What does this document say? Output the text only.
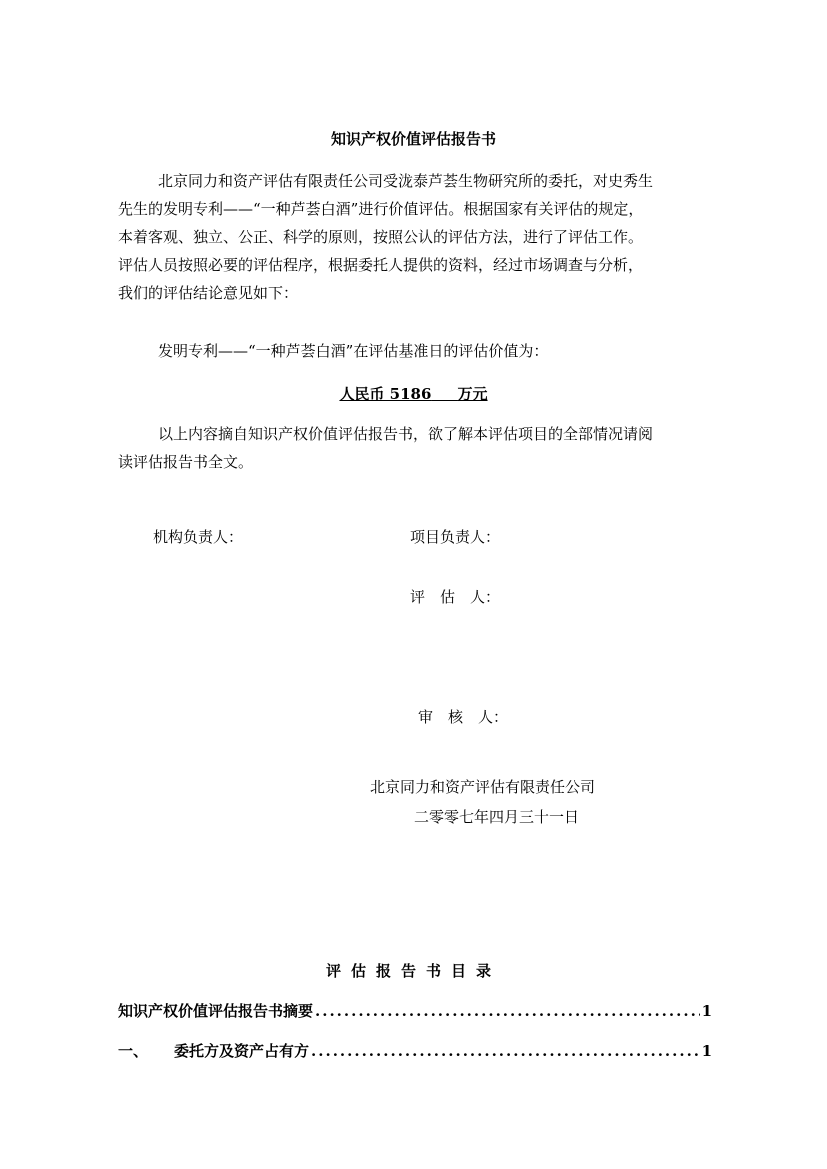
知识产权价值评估报告书
北京同力和资产评估有限责任公司受泷泰芦荟生物研究所的委托，对史秀生
先生的发明专利——“一种芦荟白酒”进行价值评估。根据国家有关评估的规定，
本着客观、独立、公正、科学的原则，按照公认的评估方法，进行了评估工作。
评估人员按照必要的评估程序，根据委托人提供的资料，经过市场调查与分析，
我们的评估结论意见如下：
发明专利——“一种芦荟白酒”在评估基准日的评估价值为：
人民币 5186 万元
以上内容摘自知识产权价值评估报告书，欲了解本评估项目的全部情况请阅
读评估报告书全文。
机构负责人：	项目负责人：
评　估　人：
审　核　人：
北京同力和资产评估有限责任公司
二零零七年四月三十一日
评估报告书目录
知识产权价值评估报告书摘要 .....	1
一、 委托方及资产占有方 .....	1
